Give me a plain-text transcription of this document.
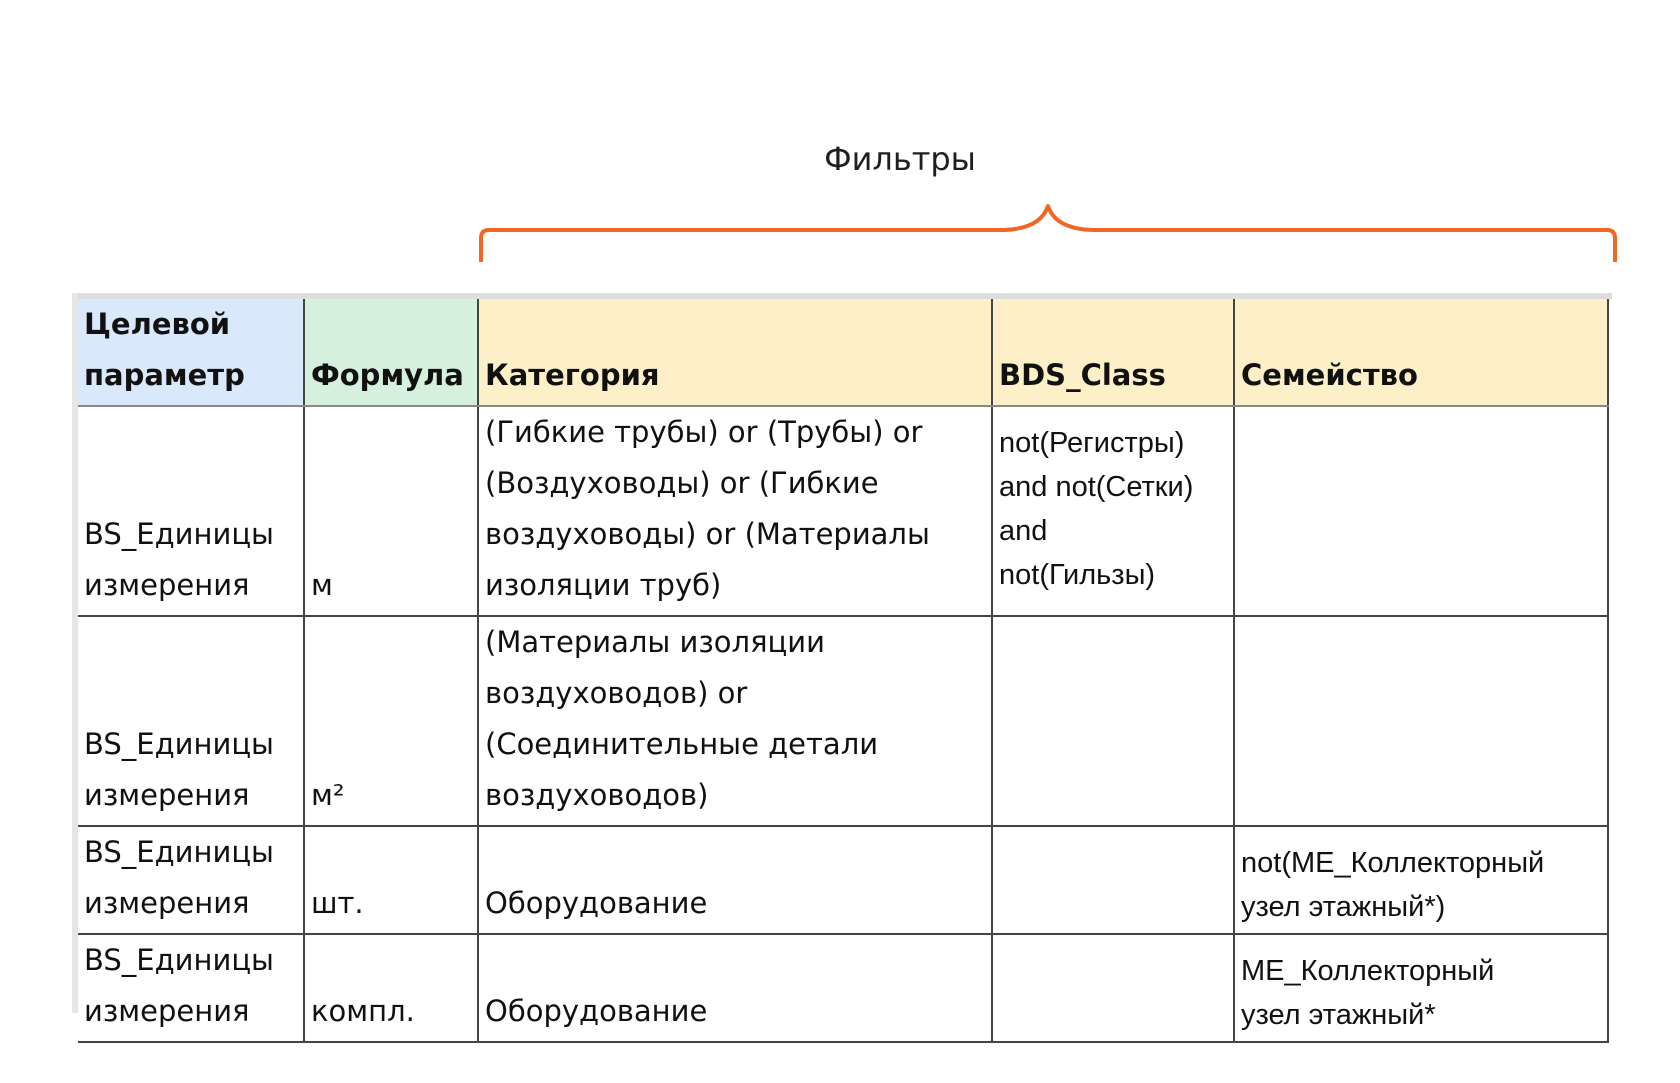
Фильтры
Целевой
параметр	Формула	Категория	BDS_Class	Семейство
BS_Единицы
измерения	м	(Гибкие трубы) or (Трубы) or
(Воздуховоды) or (Гибкие
воздуховоды) or (Материалы
изоляции труб)	not(Регистры)
and not(Сетки)
and
not(Гильзы)	
BS_Единицы
измерения	м²	(Материалы изоляции
воздуховодов) or
(Соединительные детали
воздуховодов)		
BS_Единицы
измерения	шт.	Оборудование		not(МЕ_Коллекторный
узел этажный*)
BS_Единицы
измерения	компл.	Оборудование		МЕ_Коллекторный
узел этажный*
